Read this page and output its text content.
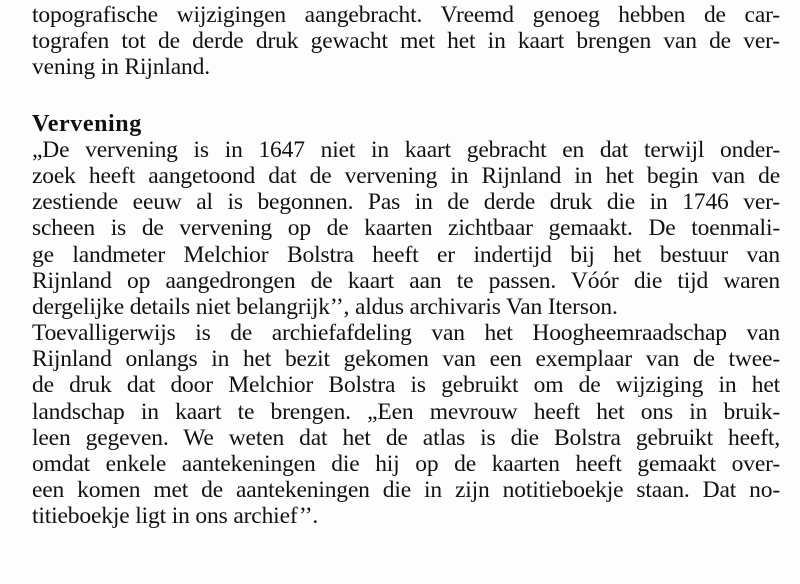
topografische wijzigingen aangebracht. Vreemd genoeg hebben de car-
tografen tot de derde druk gewacht met het in kaart brengen van de ver-
vening in Rijnland.
Vervening
„De vervening is in 1647 niet in kaart gebracht en dat terwijl onder-
zoek heeft aangetoond dat de vervening in Rijnland in het begin van de
zestiende eeuw al is begonnen. Pas in de derde druk die in 1746 ver-
scheen is de vervening op de kaarten zichtbaar gemaakt. De toenmali-
ge landmeter Melchior Bolstra heeft er indertijd bij het bestuur van
Rijnland op aangedrongen de kaart aan te passen. Vóór die tijd waren
dergelijke details niet belangrijk’’, aldus archivaris Van Iterson.
Toevalligerwijs is de archiefafdeling van het Hoogheemraadschap van
Rijnland onlangs in het bezit gekomen van een exemplaar van de twee-
de druk dat door Melchior Bolstra is gebruikt om de wijziging in het
landschap in kaart te brengen. „Een mevrouw heeft het ons in bruik-
leen gegeven. We weten dat het de atlas is die Bolstra gebruikt heeft,
omdat enkele aantekeningen die hij op de kaarten heeft gemaakt over-
een komen met de aantekeningen die in zijn notitieboekje staan. Dat no-
titieboekje ligt in ons archief’’.
